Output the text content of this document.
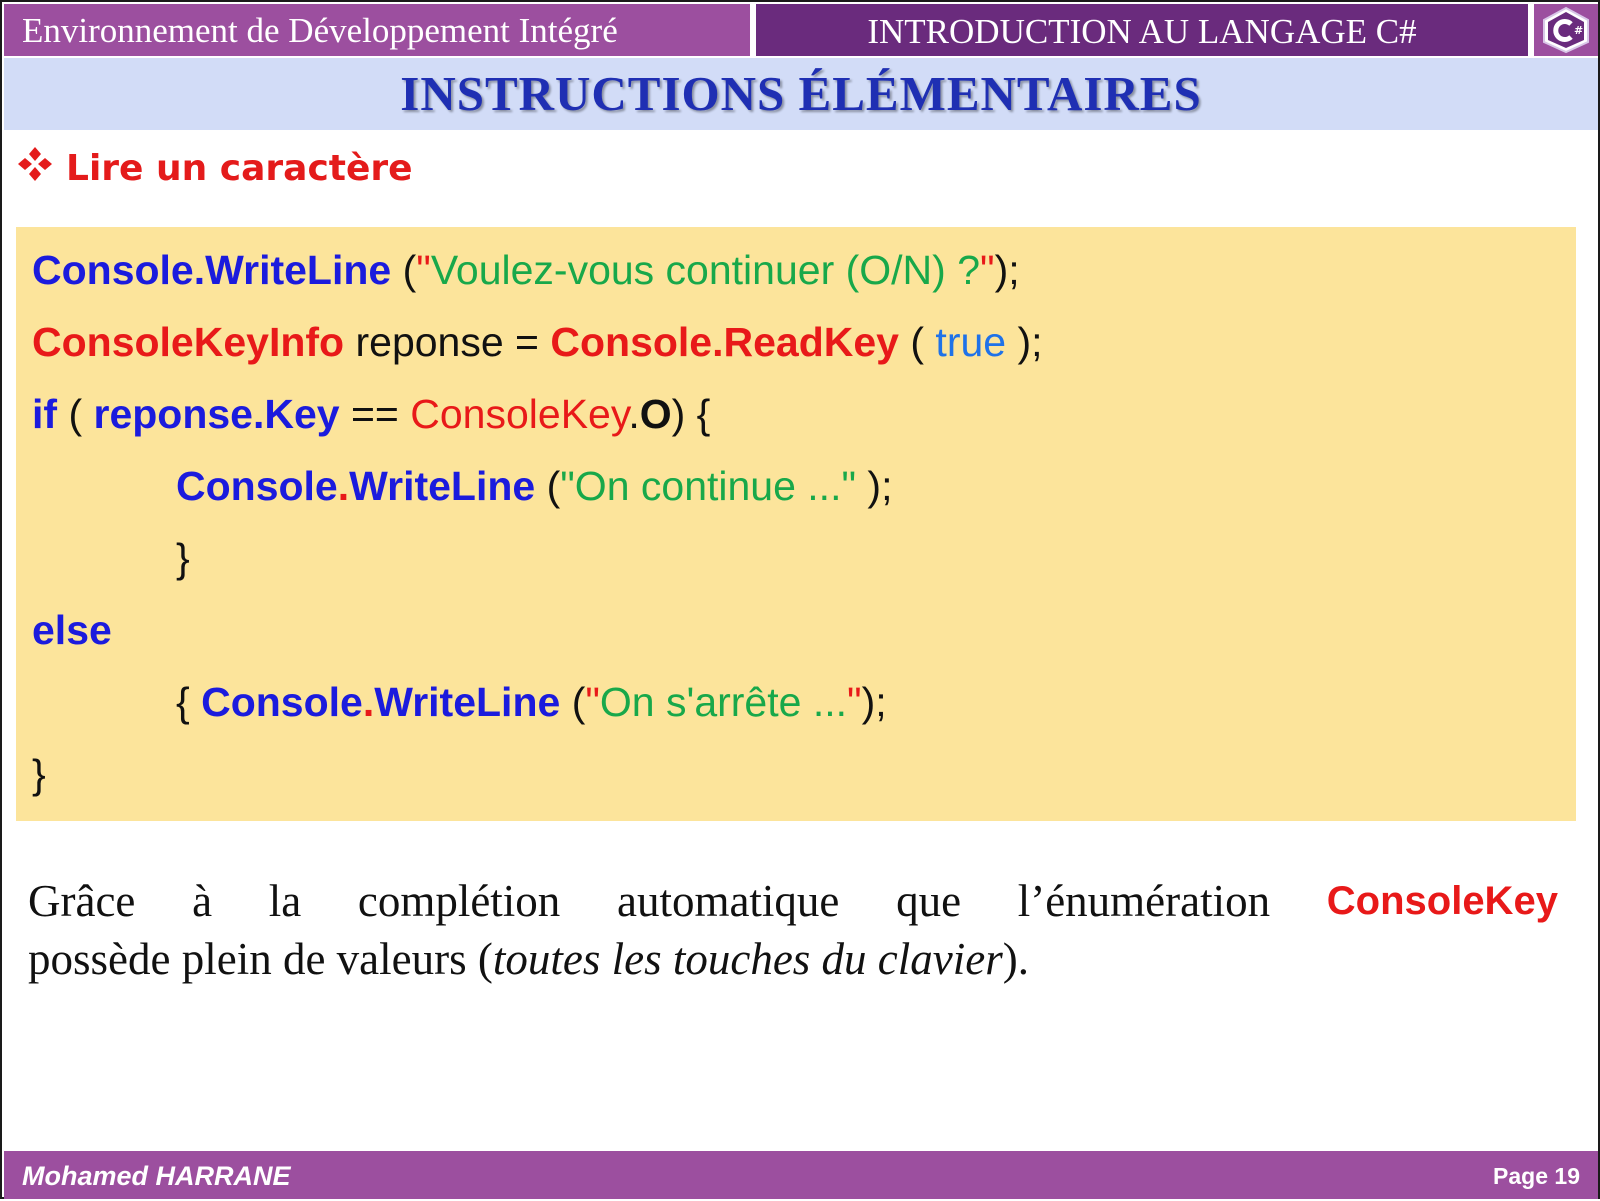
Environnement de Développement Intégré	INTRODUCTION AU LANGAGE C#	#
INSTRUCTIONS ÉLÉMENTAIRES
Lire un caractère
Console.WriteLine ("Voulez-vous continuer (O/N) ?");
ConsoleKeyInfo reponse = Console.ReadKey ( true );
if ( reponse.Key == ConsoleKey.O) {
Console.WriteLine ("On continue ..." );
}
else
{ Console.WriteLine ("On s'arrête ...");
}
Grâce à la complétion automatique que l’énumération ConsoleKey
possède plein de valeurs (toutes les touches du clavier).
Mohamed HARRANE	Page 19
